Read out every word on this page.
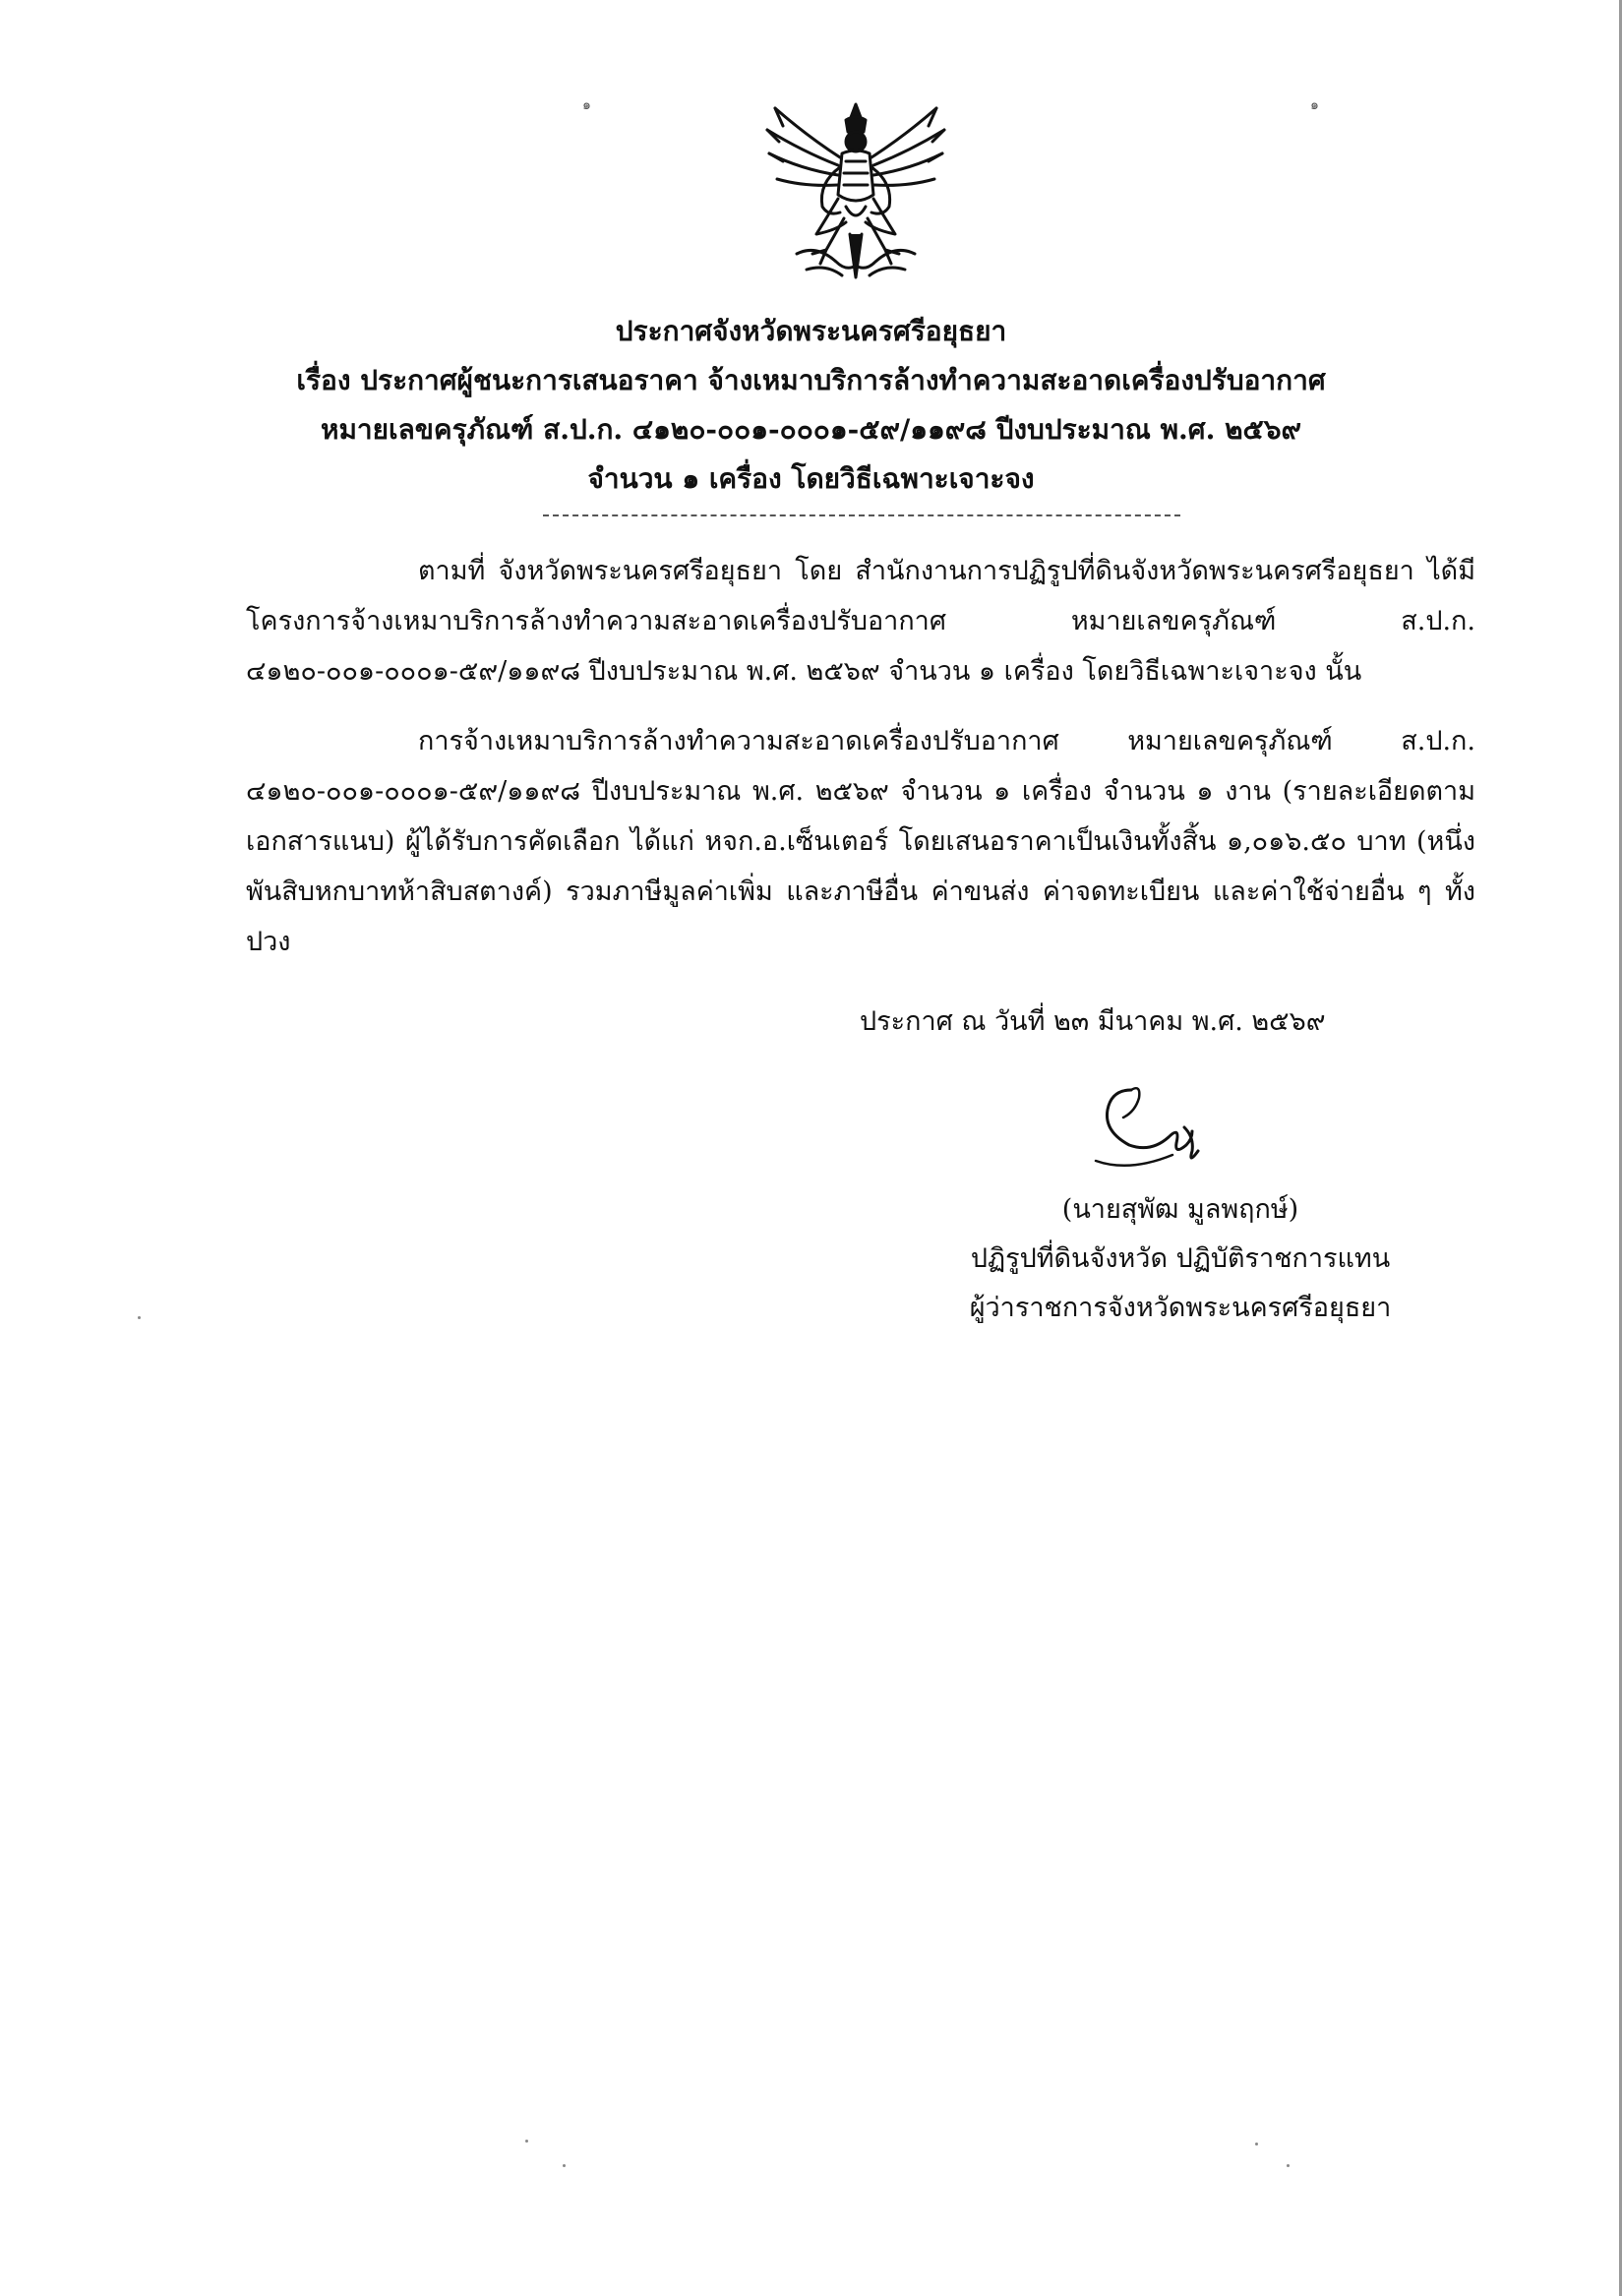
๑	๑
ประกาศจังหวัดพระนครศรีอยุธยา
เรื่อง ประกาศผู้ชนะการเสนอราคา จ้างเหมาบริการล้างทำความสะอาดเครื่องปรับอากาศ
หมายเลขครุภัณฑ์ ส.ป.ก. ๔๑๒๐-๐๐๑-๐๐๐๑-๕๙/๑๑๙๘ ปีงบประมาณ พ.ศ. ๒๕๖๙
จำนวน ๑ เครื่อง โดยวิธีเฉพาะเจาะจง

ตามที่ จังหวัดพระนครศรีอยุธยา โดย สำนักงานการปฏิรูปที่ดินจังหวัดพระนครศรีอยุธยา ได้มีโครงการจ้างเหมาบริการล้างทำความสะอาดเครื่องปรับอากาศ หมายเลขครุภัณฑ์ ส.ป.ก. ๔๑๒๐-๐๐๑-๐๐๐๑-๕๙/๑๑๙๘ ปีงบประมาณ พ.ศ. ๒๕๖๙ จำนวน ๑ เครื่อง โดยวิธีเฉพาะเจาะจง นั้น

การจ้างเหมาบริการล้างทำความสะอาดเครื่องปรับอากาศ หมายเลขครุภัณฑ์ ส.ป.ก. ๔๑๒๐-๐๐๑-๐๐๐๑-๕๙/๑๑๙๘ ปีงบประมาณ พ.ศ. ๒๕๖๙ จำนวน ๑ เครื่อง จำนวน ๑ งาน (รายละเอียดตามเอกสารแนบ) ผู้ได้รับการคัดเลือก ได้แก่ หจก.อ.เซ็นเตอร์ โดยเสนอราคาเป็นเงินทั้งสิ้น ๑,๐๑๖.๕๐ บาท (หนึ่งพันสิบหกบาทห้าสิบสตางค์) รวมภาษีมูลค่าเพิ่ม และภาษีอื่น ค่าขนส่ง ค่าจดทะเบียน และค่าใช้จ่ายอื่น ๆ ทั้งปวง

ประกาศ ณ วันที่ ๒๓ มีนาคม พ.ศ. ๒๕๖๙
(นายสุพัฒ มูลพฤกษ์)
ปฏิรูปที่ดินจังหวัด ปฏิบัติราชการแทน
ผู้ว่าราชการจังหวัดพระนครศรีอยุธยา
